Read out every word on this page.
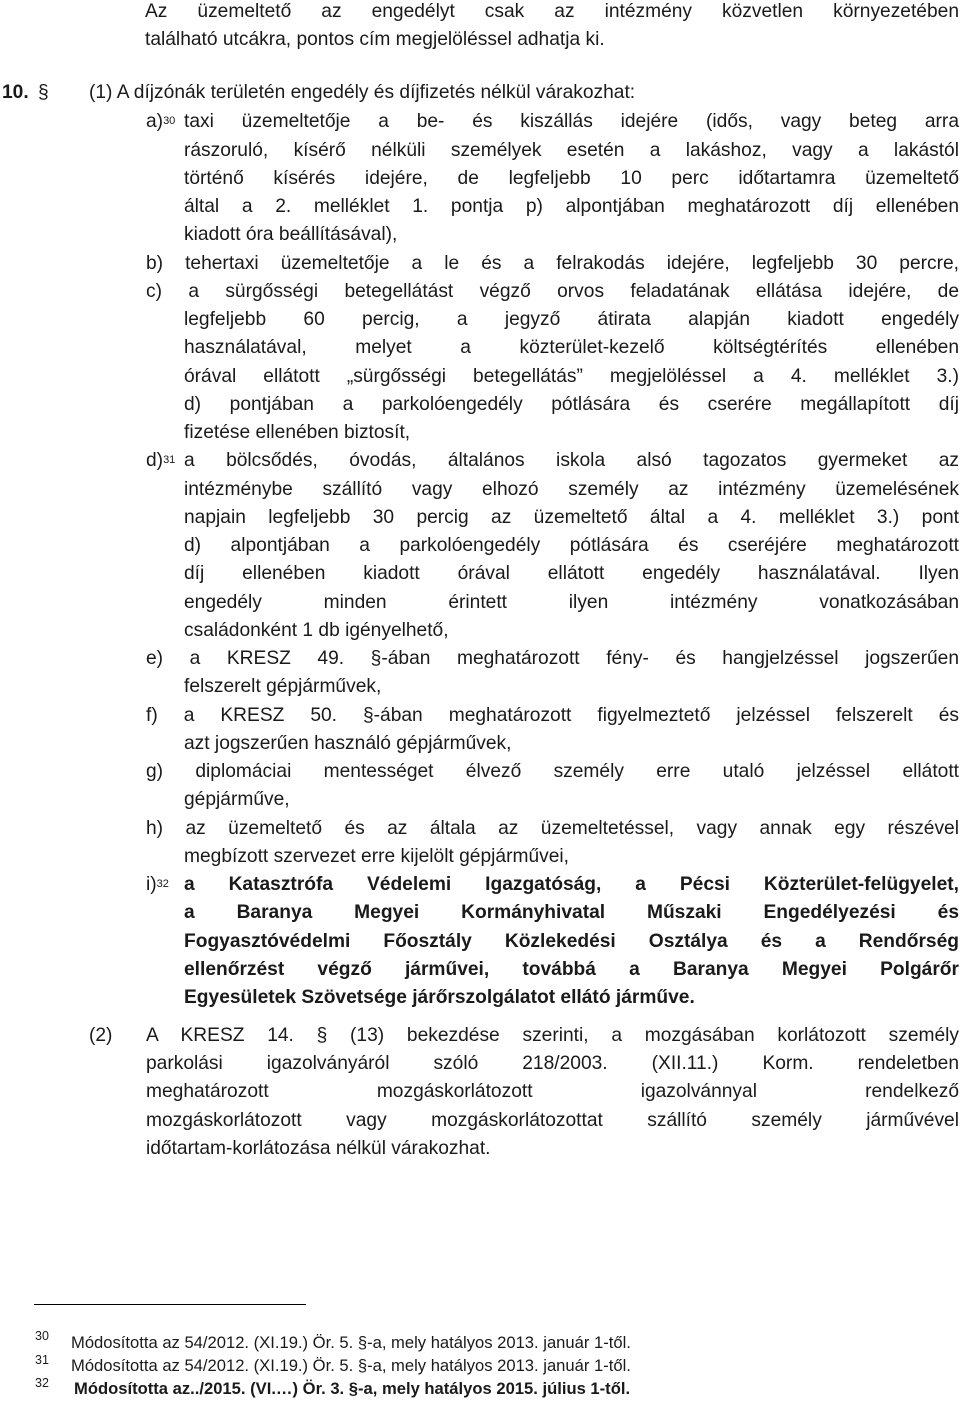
Az üzemeltető az engedélyt csak az intézmény közvetlen környezetében
található utcákra, pontos cím megjelöléssel adhatja ki.
10. § (1) A díjzónák területén engedély és díjfizetés nélkül várakozhat:
a)$^{30}$ taxi üzemeltetője a be- és kiszállás idejére (idős, vagy beteg arra
rászoruló, kísérő nélküli személyek esetén a lakáshoz, vagy a lakástól
történő kísérés idejére, de legfeljebb 10 perc időtartamra üzemeltető
által a 2. melléklet 1. pontja p) alpontjában meghatározott díj ellenében
kiadott óra beállításával),
b) tehertaxi üzemeltetője a le és a felrakodás idejére, legfeljebb 30 percre,
c) a sürgősségi betegellátást végző orvos feladatának ellátása idejére, de
legfeljebb 60 percig, a jegyző átirata alapján kiadott engedély
használatával, melyet a közterület-kezelő költségtérítés ellenében
órával ellátott „sürgősségi betegellátás” megjelöléssel a 4. melléklet 3.)
d) pontjában a parkolóengedély pótlására és cserére megállapított díj
fizetése ellenében biztosít,
d)$^{31}$ a bölcsődés, óvodás, általános iskola alsó tagozatos gyermeket az
intézménybe szállító vagy elhozó személy az intézmény üzemelésének
napjain legfeljebb 30 percig az üzemeltető által a 4. melléklet 3.) pont
d) alpontjában a parkolóengedély pótlására és cseréjére meghatározott
díj ellenében kiadott órával ellátott engedély használatával. Ilyen
engedély minden érintett ilyen intézmény vonatkozásában
családonként 1 db igényelhető,
e) a KRESZ 49. §-ában meghatározott fény- és hangjelzéssel jogszerűen
felszerelt gépjárművek,
f) a KRESZ 50. §-ában meghatározott figyelmeztető jelzéssel felszerelt és
azt jogszerűen használó gépjárművek,
g) diplomáciai mentességet élvező személy erre utaló jelzéssel ellátott
gépjárműve,
h) az üzemeltető és az általa az üzemeltetéssel, vagy annak egy részével
megbízott szervezet erre kijelölt gépjárművei,
i)$^{32}$ a Katasztrófa Védelemi Igazgatóság, a Pécsi Közterület-felügyelet,
a Baranya Megyei Kormányhivatal Műszaki Engedélyezési és
Fogyasztóvédelmi Főosztály Közlekedési Osztálya és a Rendőrség
ellenőrzést végző járművei, továbbá a Baranya Megyei Polgárőr
Egyesületek Szövetsége járőrszolgálatot ellátó járműve.
(2) A KRESZ 14. § (13) bekezdése szerinti, a mozgásában korlátozott személy
parkolási igazolványáról szóló 218/2003. (XII.11.) Korm. rendeletben
meghatározott mozgáskorlátozott igazolvánnyal rendelkező
mozgáskorlátozott vagy mozgáskorlátozottat szállító személy járművével
időtartam-korlátozása nélkül várakozhat.
30 Módosította az 54/2012. (XI.19.) Ör. 5. §-a, mely hatályos 2013. január 1-től.
31 Módosította az 54/2012. (XI.19.) Ör. 5. §-a, mely hatályos 2013. január 1-től.
32 Módosította az../2015. (VI.…) Ör. 3. §-a, mely hatályos 2015. július 1-től.
